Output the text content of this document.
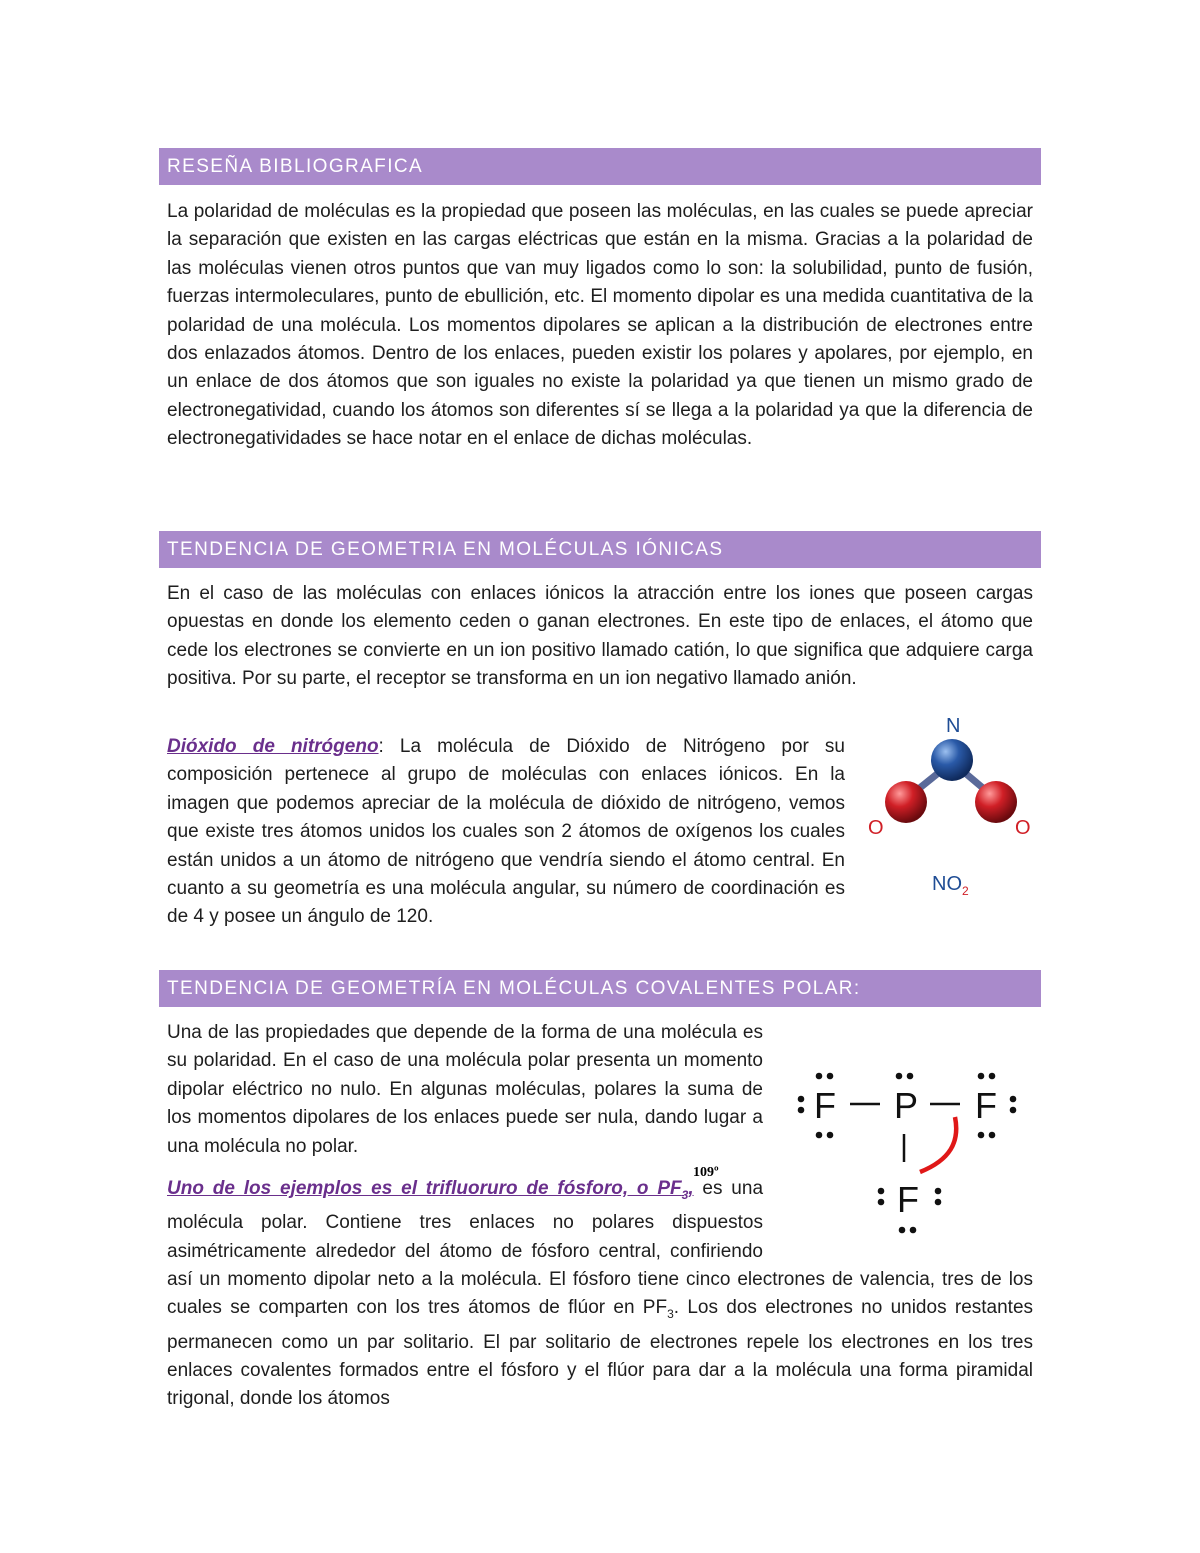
RESEÑA BIBLIOGRAFICA

La polaridad de moléculas es la propiedad que poseen las moléculas, en las cuales se puede apreciar la separación que existen en las cargas eléctricas que están en la misma. Gracias a la polaridad de las moléculas vienen otros puntos que van muy ligados como lo son: la solubilidad, punto de fusión, fuerzas intermoleculares, punto de ebullición, etc. El momento dipolar es una medida cuantitativa de la polaridad de una molécula. Los momentos dipolares se aplican a la distribución de electrones entre dos enlazados átomos. Dentro de los enlaces, pueden existir los polares y apolares, por ejemplo, en un enlace de dos átomos que son iguales no existe la polaridad ya que tienen un mismo grado de electronegatividad, cuando los átomos son diferentes sí se llega a la polaridad ya que la diferencia de electronegatividades se hace notar en el enlace de dichas moléculas.

TENDENCIA DE GEOMETRIA EN MOLÉCULAS IÓNICAS

En el caso de las moléculas con enlaces iónicos la atracción entre los iones que poseen cargas opuestas en donde los elemento ceden o ganan electrones. En este tipo de enlaces, el átomo que cede los electrones se convierte en un ion positivo llamado catión, lo que significa que adquiere carga positiva. Por su parte, el receptor se transforma en un ion negativo llamado anión.

Dióxido de nitrógeno: La molécula de Dióxido de Nitrógeno por su composición pertenece al grupo de moléculas con enlaces iónicos. En la imagen que podemos apreciar de la molécula de dióxido de nitrógeno, vemos que existe tres átomos unidos los cuales son 2 átomos de oxígenos los cuales están unidos a un átomo de nitrógeno que vendría siendo el átomo central. En cuanto a su geometría es una molécula angular, su número de coordinación es de 4 y posee un ángulo de 120.

N
O	O
$NO_2$
TENDENCIA DE GEOMETRÍA EN MOLÉCULAS COVALENTES POLAR:

Una de las propiedades que depende de la forma de una molécula es su polaridad. En el caso de una molécula polar presenta un momento dipolar eléctrico no nulo. En algunas moléculas, polares la suma de los momentos dipolares de los enlaces puede ser nula, dando lugar a una molécula no polar.

Uno de los ejemplos es el trifluoruro de fósforo, o $PF_3$, es una molécula polar. Contiene tres enlaces no polares dispuestos asimétricamente alrededor del átomo de fósforo central, confiriendo así un momento dipolar neto a la molécula. El fósforo tiene cinco electrones de valencia, tres de los cuales se comparten con los tres átomos de flúor en $PF_3$. Los dos electrones no unidos restantes permanecen como un par solitario. El par solitario de electrones repele los electrones en los tres enlaces covalentes formados entre el fósforo y el flúor para dar a la molécula una forma piramidal trigonal, donde los átomos

109º
F P F
F
